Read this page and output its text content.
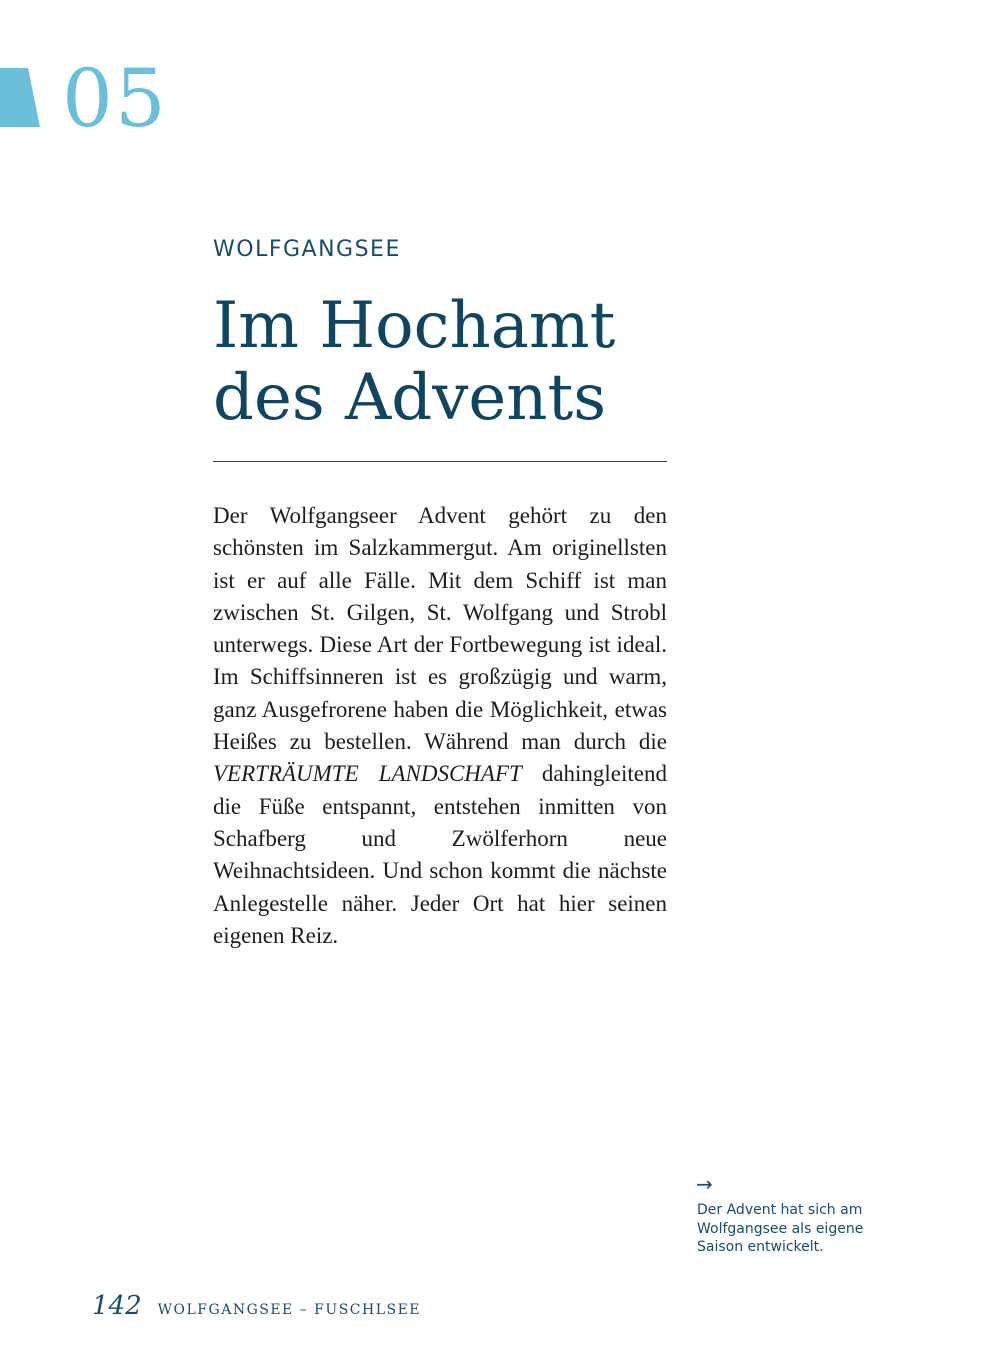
05
WOLFGANGSEE
Im Hochamt
des Advents

Der Wolfgangseer Advent gehört zu den schönsten im Salzkammergut. Am originellsten ist er auf alle Fälle. Mit dem Schiff ist man zwischen St. Gilgen, St. Wolfgang und Strobl unterwegs. Diese Art der Fortbewegung ist ideal. Im Schiffsinneren ist es großzügig und warm, ganz Ausgefrorene haben die Möglichkeit, etwas Heißes zu bestellen. Während man durch die VERTRÄUMTE LANDSCHAFT dahingleitend die Füße entspannt, entstehen inmitten von Schafberg und Zwölferhorn neue Weihnachtsideen. Und schon kommt die nächste Anlegestelle näher. Jeder Ort hat hier seinen eigenen Reiz.

→

Der Advent hat sich am
Wolfgangsee als eigene
Saison entwickelt.

142 WOLFGANGSEE – FUSCHLSEE
